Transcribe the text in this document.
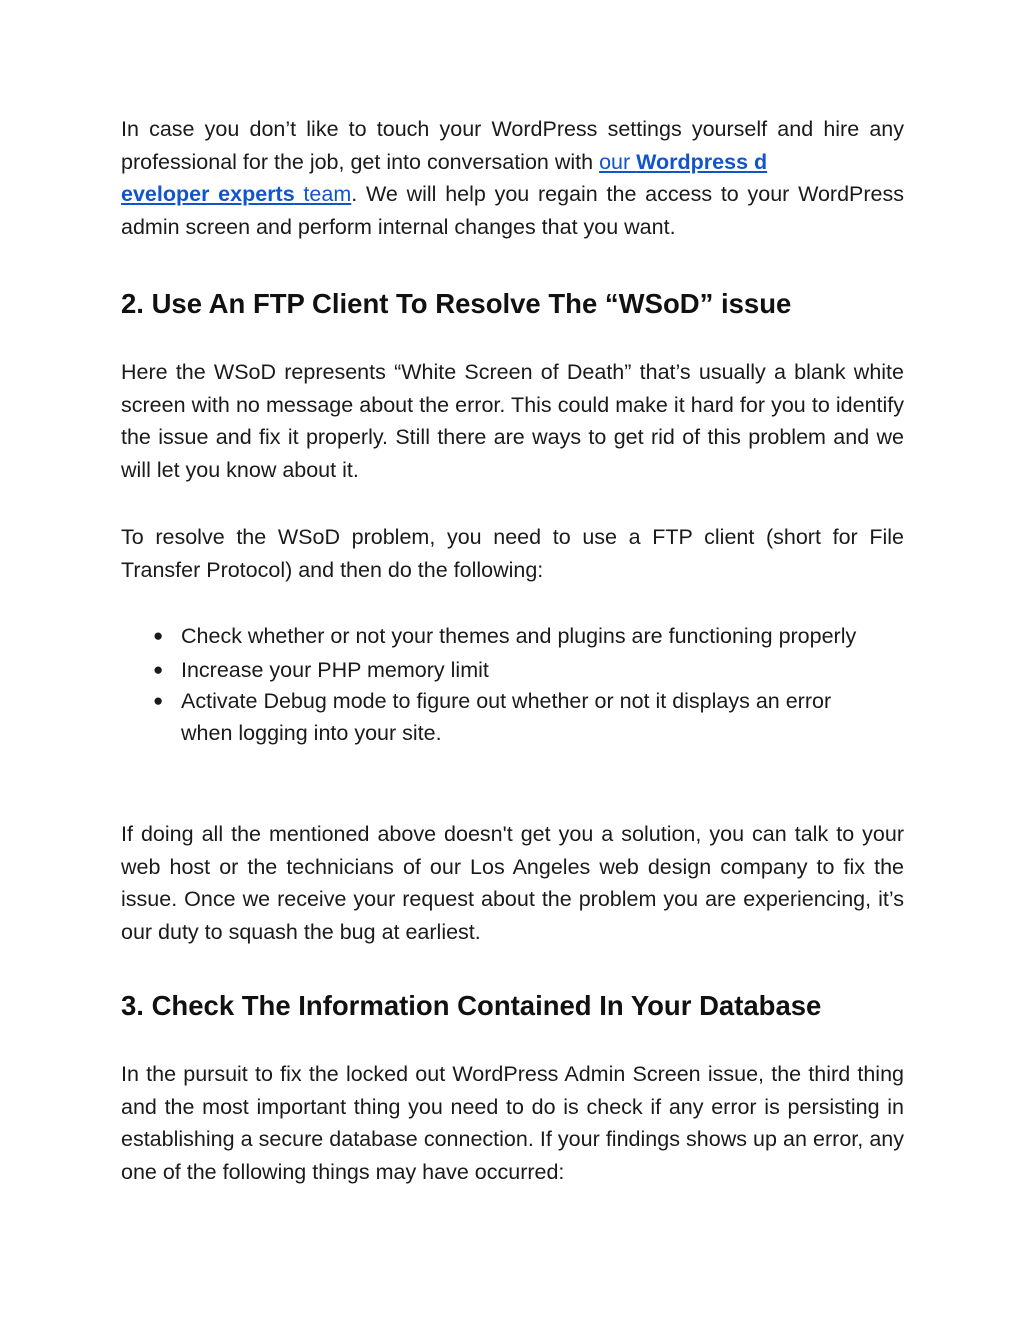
In case you don’t like to touch your WordPress settings yourself and hire any professional for the job, get into conversation with our Wordpress d
eveloper experts team. We will help you regain the access to your WordPress admin screen and perform internal changes that you want.

2. Use An FTP Client To Resolve The “WSoD” issue

Here the WSoD represents “White Screen of Death” that’s usually a blank white screen with no message about the error. This could make it hard for you to identify the issue and fix it properly. Still there are ways to get rid of this problem and we will let you know about it.

To resolve the WSoD problem, you need to use a FTP client (short for File Transfer Protocol) and then do the following:

● Check whether or not your themes and plugins are functioning properly
● Increase your PHP memory limit
● Activate Debug mode to figure out whether or not it displays an error when logging into your site.

If doing all the mentioned above doesn't get you a solution, you can talk to your web host or the technicians of our Los Angeles web design company to fix the issue. Once we receive your request about the problem you are experiencing, it’s our duty to squash the bug at earliest.

3. Check The Information Contained In Your Database

In the pursuit to fix the locked out WordPress Admin Screen issue, the third thing and the most important thing you need to do is check if any error is persisting in establishing a secure database connection. If your findings shows up an error, any one of the following things may have occurred:
